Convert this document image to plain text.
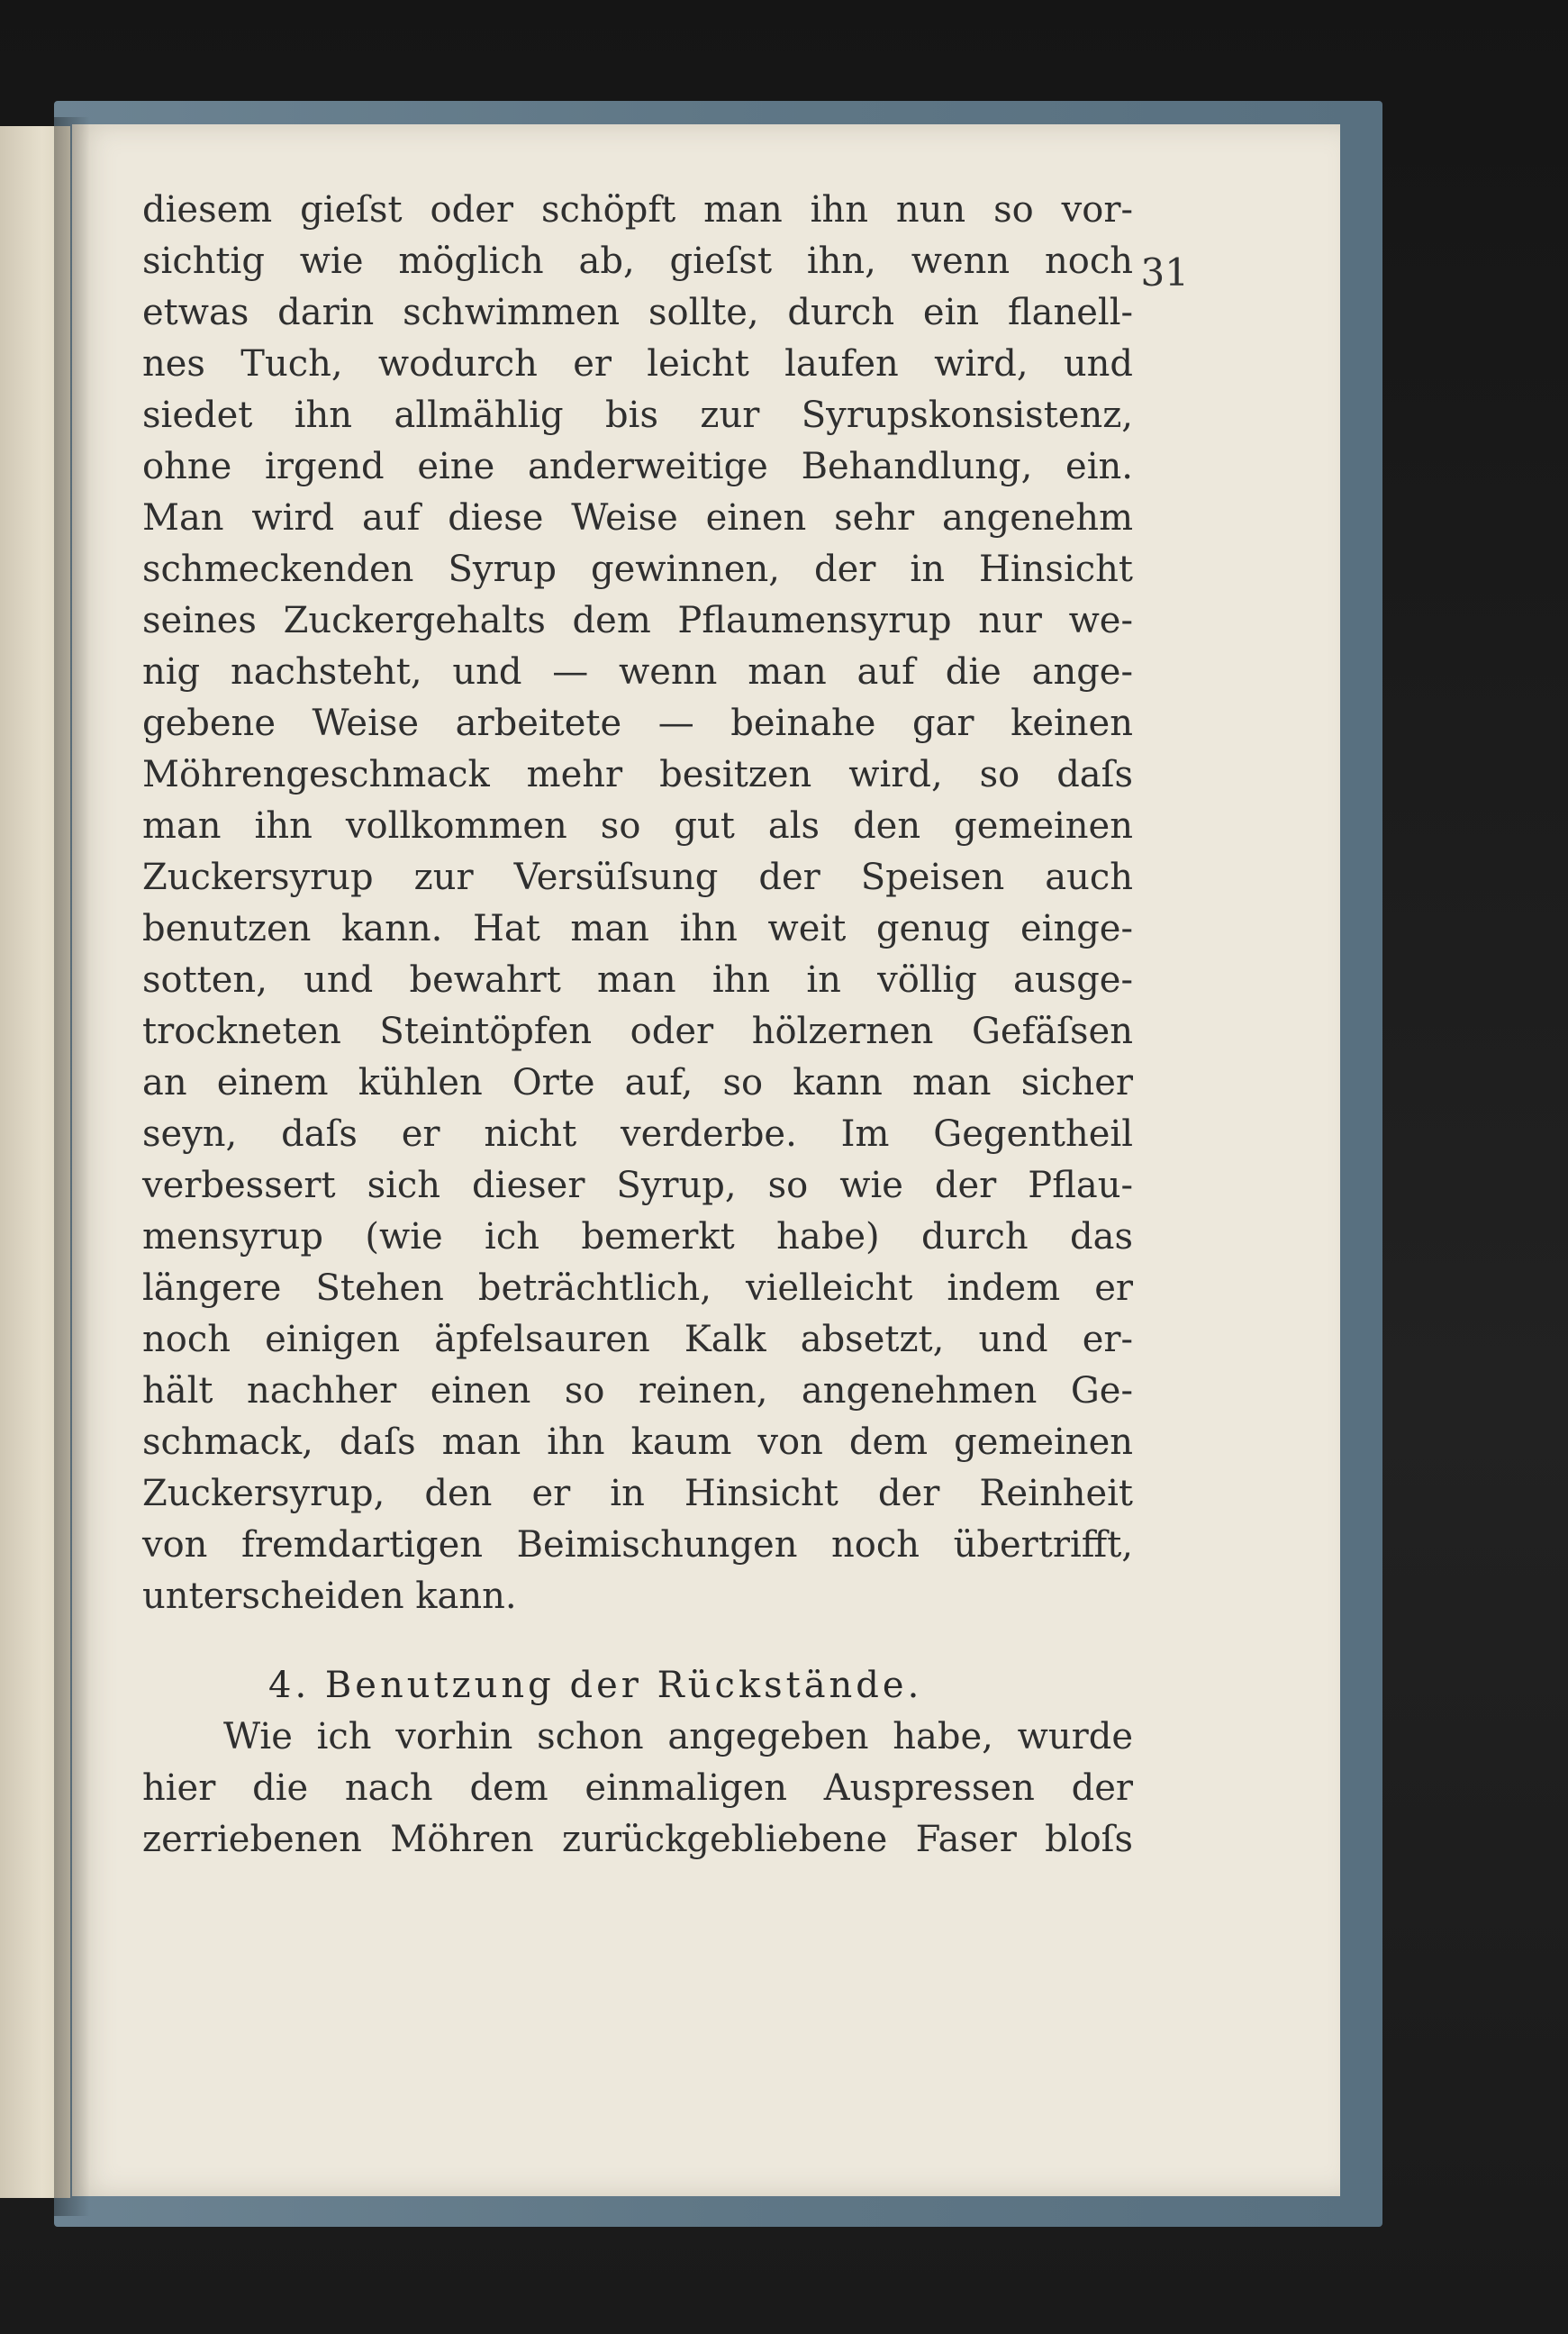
31
diesem gieſst oder schöpft man ihn nun so vor-
sichtig wie möglich ab, gieſst ihn, wenn noch
etwas darin schwimmen sollte, durch ein flanell-
nes Tuch, wodurch er leicht laufen wird, und
siedet ihn allmählig bis zur Syrupskonsistenz,
ohne irgend eine anderweitige Behandlung, ein.
Man wird auf diese Weise einen sehr angenehm
schmeckenden Syrup gewinnen, der in Hinsicht
seines Zuckergehalts dem Pflaumensyrup nur we-
nig nachsteht, und — wenn man auf die ange-
gebene Weise arbeitete — beinahe gar keinen
Möhrengeschmack mehr besitzen wird, so daſs
man ihn vollkommen so gut als den gemeinen
Zuckersyrup zur Versüſsung der Speisen auch
benutzen kann. Hat man ihn weit genug einge-
sotten, und bewahrt man ihn in völlig ausge-
trockneten Steintöpfen oder hölzernen Gefäſsen
an einem kühlen Orte auf, so kann man sicher
seyn, daſs er nicht verderbe. Im Gegentheil
verbessert sich dieser Syrup, so wie der Pflau-
mensyrup (wie ich bemerkt habe) durch das
längere Stehen beträchtlich, vielleicht indem er
noch einigen äpfelsauren Kalk absetzt, und er-
hält nachher einen so reinen, angenehmen Ge-
schmack, daſs man ihn kaum von dem gemeinen
Zuckersyrup, den er in Hinsicht der Reinheit
von fremdartigen Beimischungen noch übertrifft,
unterscheiden kann.
4. Benutzung der Rückstände.
Wie ich vorhin schon angegeben habe, wurde
hier die nach dem einmaligen Auspressen der
zerriebenen Möhren zurückgebliebene Faser bloſs
